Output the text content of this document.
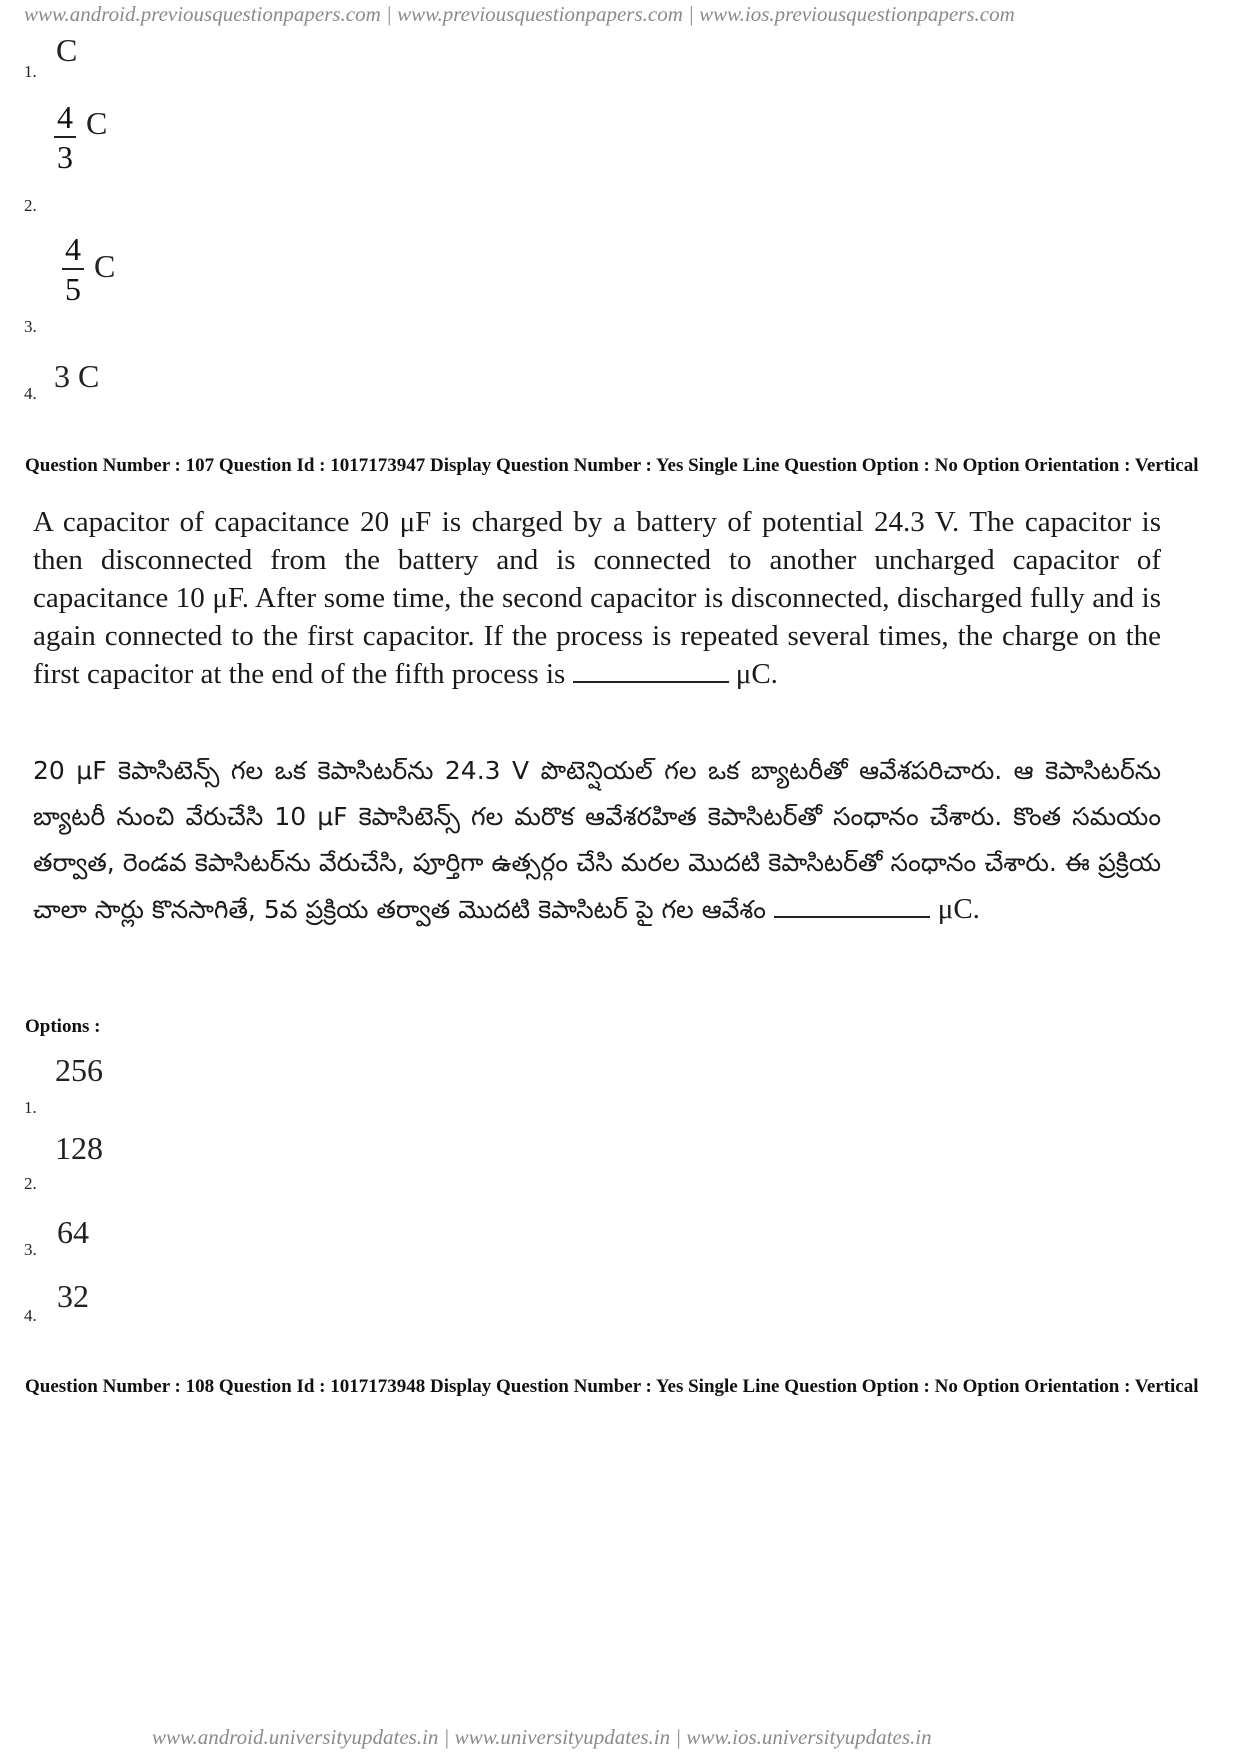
www.android.previousquestionpapers.com | www.previousquestionpapers.com | www.ios.previousquestionpapers.com
C
1.
$\frac{4}{3}$ C
2.
$\frac{4}{5}$ C
3.
3 C
4.
Question Number : 107 Question Id : 1017173947 Display Question Number : Yes Single Line Question Option : No Option Orientation : Vertical
A capacitor of capacitance 20 μF is charged by a battery of potential 24.3 V. The capacitor is then disconnected from the battery and is connected to another uncharged capacitor of capacitance 10 μF. After some time, the second capacitor is disconnected, discharged fully and is again connected to the first capacitor. If the process is repeated several times, the charge on the first capacitor at the end of the fifth process is	μC.
20 μF కెపాసిటెన్స్ గల ఒక కెపాసిటర్‌ను 24.3 V పొటెన్షియల్ గల ఒక బ్యాటరీతో ఆవేశపరిచారు. ఆ కెపాసిటర్‌ను బ్యాటరీ నుంచి వేరుచేసి 10 μF కెపాసిటెన్స్ గల మరొక ఆవేశరహిత కెపాసిటర్‌తో సంధానం చేశారు. కొంత సమయం తర్వాత, రెండవ కెపాసిటర్‌ను వేరుచేసి, పూర్తిగా ఉత్సర్గం చేసి మరల మొదటి కెపాసిటర్‌తో సంధానం చేశారు. ఈ ప్రక్రియ చాలా సార్లు కొనసాగితే, 5వ ప్రక్రియ తర్వాత మొదటి కెపాసిటర్ పై గల ఆవేశం	μC.
Options :
256
1.
128
2.
64
3.
32
4.
Question Number : 108 Question Id : 1017173948 Display Question Number : Yes Single Line Question Option : No Option Orientation : Vertical
www.android.universityupdates.in | www.universityupdates.in | www.ios.universityupdates.in
